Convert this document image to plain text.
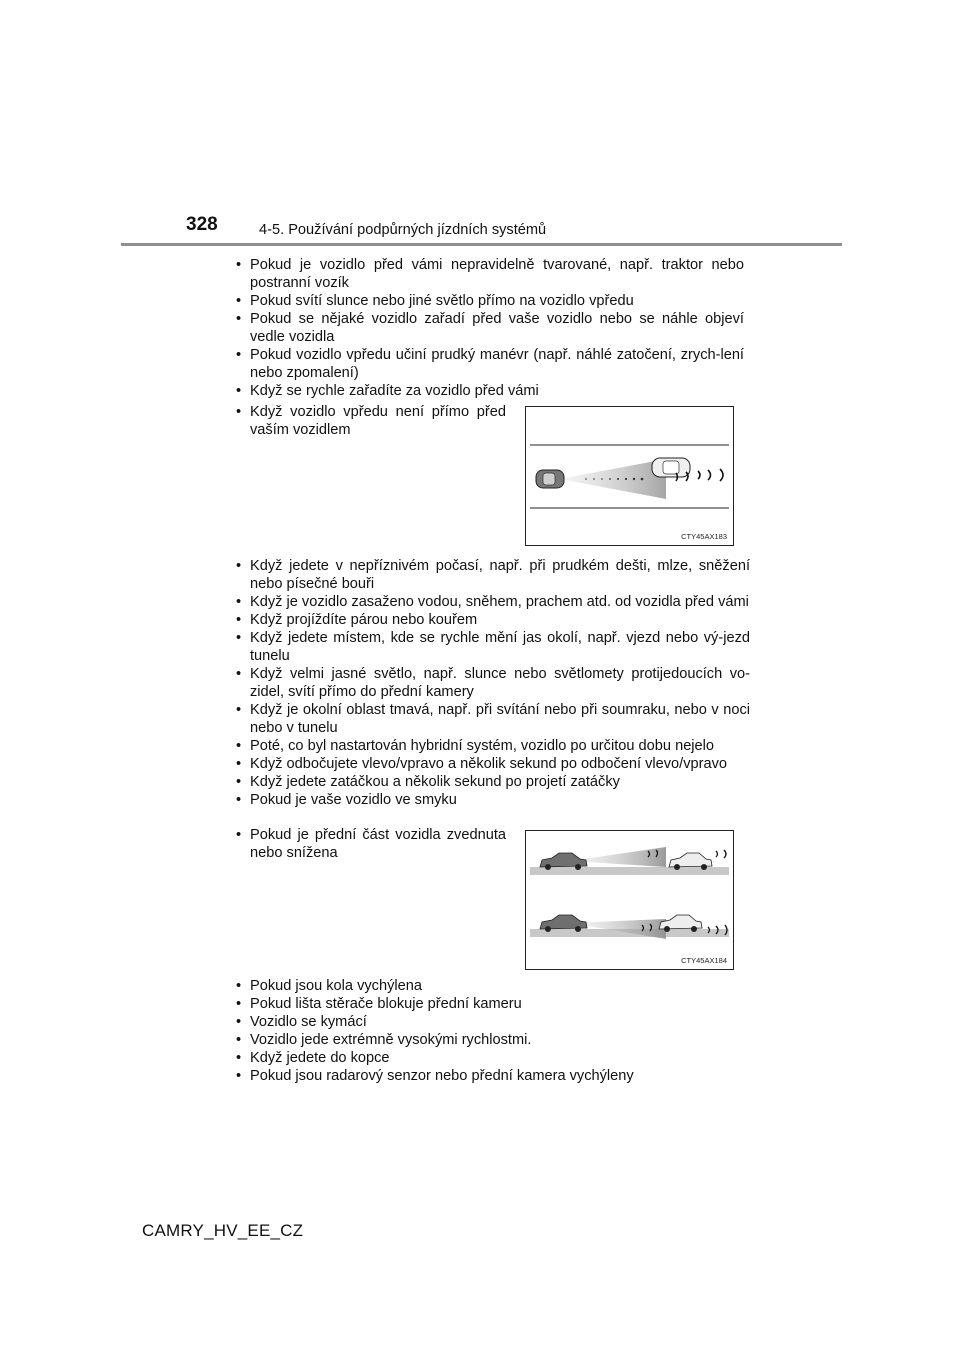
328	4-5. Používání podpůrných jízdních systémů
• Pokud je vozidlo před vámi nepravidelně tvarované, např. traktor nebo postranní vozík
• Pokud svítí slunce nebo jiné světlo přímo na vozidlo vpředu
• Pokud se nějaké vozidlo zařadí před vaše vozidlo nebo se náhle objeví vedle vozidla
• Pokud vozidlo vpředu učiní prudký manévr (např. náhlé zatočení, zrych-lení nebo zpomalení)
• Když se rychle zařadíte za vozidlo před vámi
• Když vozidlo vpředu není přímo před vaším vozidlem
CTY45AX183
• Když jedete v nepříznivém počasí, např. při prudkém dešti, mlze, sněžení nebo písečné bouři
• Když je vozidlo zasaženo vodou, sněhem, prachem atd. od vozidla před vámi
• Když projíždíte párou nebo kouřem
• Když jedete místem, kde se rychle mění jas okolí, např. vjezd nebo vý-jezd tunelu
• Když velmi jasné světlo, např. slunce nebo světlomety protijedoucích vo-zidel, svítí přímo do přední kamery
• Když je okolní oblast tmavá, např. při svítání nebo při soumraku, nebo v noci nebo v tunelu
• Poté, co byl nastartován hybridní systém, vozidlo po určitou dobu nejelo
• Když odbočujete vlevo/vpravo a několik sekund po odbočení vlevo/vpravo
• Když jedete zatáčkou a několik sekund po projetí zatáčky
• Pokud je vaše vozidlo ve smyku
• Pokud je přední část vozidla zvednuta nebo snížena
CTY45AX184
• Pokud jsou kola vychýlena
• Pokud lišta stěrače blokuje přední kameru
• Vozidlo se kymácí
• Vozidlo jede extrémně vysokými rychlostmi.
• Když jedete do kopce
• Pokud jsou radarový senzor nebo přední kamera vychýleny
CAMRY_HV_EE_CZ
